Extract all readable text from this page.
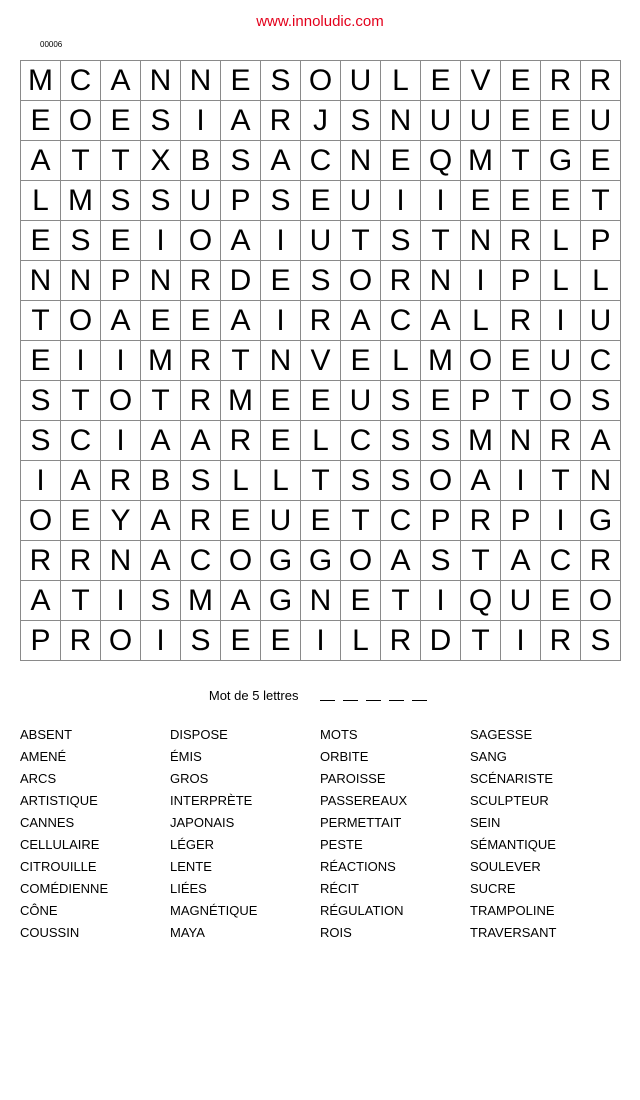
www.innoludic.com
00006
M	C	A	N	N	E	S	O	U	L	E	V	E	R	R
E	O	E	S	I	A	R	J	S	N	U	U	E	E	U
A	T	T	X	B	S	A	C	N	E	Q	M	T	G	E
L	M	S	S	U	P	S	E	U	I	I	E	E	E	T
E	S	E	I	O	A	I	U	T	S	T	N	R	L	P
N	N	P	N	R	D	E	S	O	R	N	I	P	L	L
T	O	A	E	E	A	I	R	A	C	A	L	R	I	U
E	I	I	M	R	T	N	V	E	L	M	O	E	U	C
S	T	O	T	R	M	E	E	U	S	E	P	T	O	S
S	C	I	A	A	R	E	L	C	S	S	M	N	R	A
I	A	R	B	S	L	L	T	S	S	O	A	I	T	N
O	E	Y	A	R	E	U	E	T	C	P	R	P	I	G
R	R	N	A	C	O	G	G	O	A	S	T	A	C	R
A	T	I	S	M	A	G	N	E	T	I	Q	U	E	O
P	R	O	I	S	E	E	I	L	R	D	T	I	R	S
Mot de 5 lettres
ABSENT
AMENÉ
ARCS
ARTISTIQUE
CANNES
CELLULAIRE
CITROUILLE
COMÉDIENNE
CÔNE
COUSSIN
DISPOSE
ÉMIS
GROS
INTERPRÈTE
JAPONAIS
LÉGER
LENTE
LIÉES
MAGNÉTIQUE
MAYA
MOTS
ORBITE
PAROISSE
PASSEREAUX
PERMETTAIT
PESTE
RÉACTIONS
RÉCIT
RÉGULATION
ROIS
SAGESSE
SANG
SCÉNARISTE
SCULPTEUR
SEIN
SÉMANTIQUE
SOULEVER
SUCRE
TRAMPOLINE
TRAVERSANT
